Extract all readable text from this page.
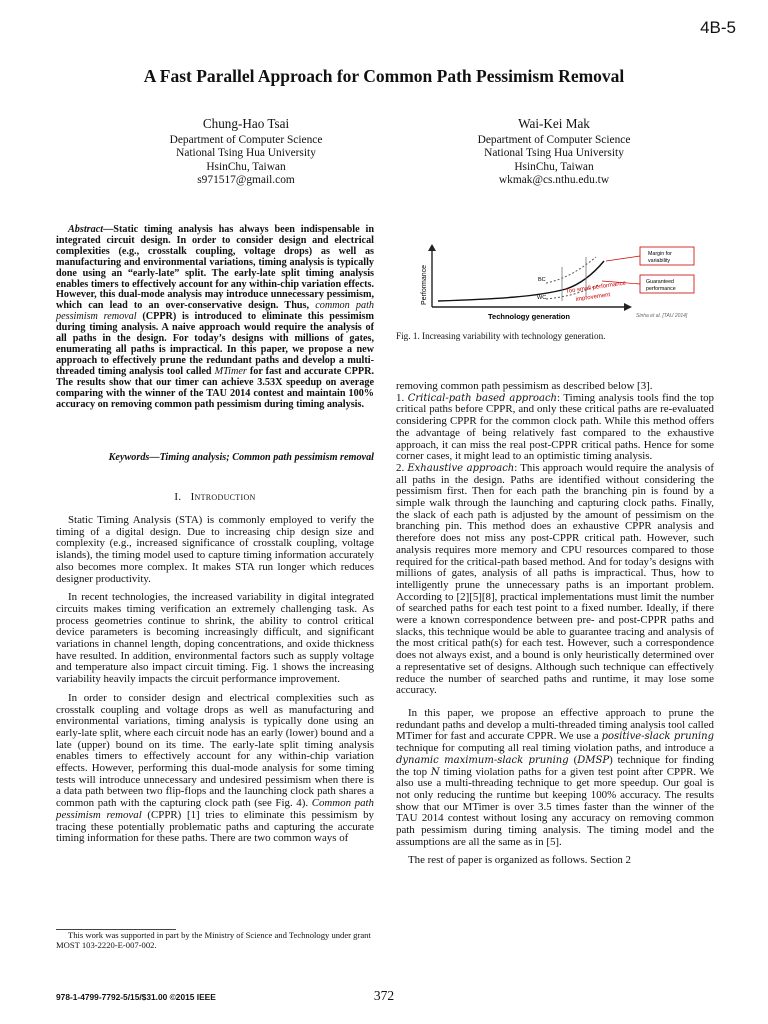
4B-5
A Fast Parallel Approach for Common Path Pessimism Removal
Chung-Hao Tsai
Department of Computer Science
National Tsing Hua University
HsinChu, Taiwan
s971517@gmail.com
Wai-Kei Mak
Department of Computer Science
National Tsing Hua University
HsinChu, Taiwan
wkmak@cs.nthu.edu.tw
Abstract—Static timing analysis has always been indispensable in integrated circuit design. In order to consider design and electrical complexities (e.g., crosstalk coupling, voltage drops) as well as manufacturing and environmental variations, timing analysis is typically done using an “early-late” split. The early-late split timing analysis enables timers to effectively account for any within-chip variation effects. However, this dual-mode analysis may introduce unnecessary pessimism, which can lead to an over-conservative design. Thus, common path pessimism removal (CPPR) is introduced to eliminate this pessimism during timing analysis. A naive approach would require the analysis of all paths in the design. For today’s designs with millions of gates, enumerating all paths is impractical. In this paper, we propose a new approach to effectively prune the redundant paths and develop a multi-threaded timing analysis tool called MTimer for fast and accurate CPPR. The results show that our timer can achieve 3.53X speedup on average comparing with the winner of the TAU 2014 contest and maintain 100% accuracy on removing common path pessimism during timing analysis.
Keywords—Timing analysis; Common path pessimism removal
I. Introduction

Static Timing Analysis (STA) is commonly employed to verify the timing of a digital design. Due to increasing chip design size and complexity (e.g., increased significance of crosstalk coupling, voltage islands), the timing model used to capture timing information accurately also becomes more complex. It makes STA run longer which reduces designer productivity.

In recent technologies, the increased variability in digital integrated circuits makes timing verification an extremely challenging task. As process geometries continue to shrink, the ability to control critical device parameters is becoming increasingly difficult, and significant variations in channel length, doping concentrations, and oxide thickness have resulted. In addition, environmental factors such as supply voltage and temperature also impact circuit timing. Fig. 1 shows the increasing variability heavily impacts the circuit performance improvement.

In order to consider design and electrical complexities such as crosstalk coupling and voltage drops as well as manufacturing and environmental variations, timing analysis is typically done using an early-late split, where each circuit node has an early (lower) bound and a late (upper) bound on its time. The early-late split timing analysis enables timers to effectively account for any within-chip variation effects. However, performing this dual-mode analysis for some timing tests will introduce unnecessary and undesired pessimism when there is a data path between two flip-flops and the launching clock path shares a common path with the capturing clock path (see Fig. 4). Common path pessimism removal (CPPR) [1] tries to eliminate this pessimism by tracing these potentially problematic paths and capturing the accurate timing information for these paths. There are two common ways of

This work was supported in part by the Ministry of Science and Technology under grant MOST 103-2220-E-007-002.

978-1-4799-7792-5/15/$31.00 ©2015 IEEE	372
Performance
Technology generation
BC
WC
Too small performance
improvement
Margin for
variability
Guaranteed
performance
Sinha et al. [TAU 2014]
Fig. 1. Increasing variability with technology generation.

removing common path pessimism as described below [3].

1. Critical-path based approach: Timing analysis tools find the top critical paths before CPPR, and only these critical paths are re-evaluated considering CPPR for the common clock path. While this method offers the advantage of being relatively fast compared to the exhaustive approach, it can miss the real post-CPPR critical paths. Hence for some corner cases, it might lead to an optimistic timing analysis.

2. Exhaustive approach: This approach would require the analysis of all paths in the design. Paths are identified without considering the pessimism first. Then for each path the branching pin is found by a simple walk through the launching and capturing clock paths. Finally, the slack of each path is adjusted by the amount of pessimism on the branching pin. This method does an exhaustive CPPR analysis and therefore does not miss any post-CPPR critical path. However, such analysis requires more memory and CPU resources compared to those required for the critical-path based method. And for today’s designs with millions of gates, analysis of all paths is impractical. Thus, how to intelligently prune the unnecessary paths is an important problem. According to [2][5][8], practical implementations must limit the number of searched paths for each test point to a fixed number. Ideally, if there were a known correspondence between pre- and post-CPPR paths and slacks, this technique would be able to guarantee tracing and analysis of the most critical path(s) for each test. However, such a correspondence does not always exist, and a bound is only heuristically determined over a representative set of designs. Although such technique can effectively reduce the number of searched paths and runtime, it may lose some accuracy.

In this paper, we propose an effective approach to prune the redundant paths and develop a multi-threaded timing analysis tool called MTimer for fast and accurate CPPR. We use a positive-slack pruning technique for computing all real timing violation paths, and introduce a dynamic maximum-slack pruning (DMSP) technique for finding the top N timing violation paths for a given test point after CPPR. We also use a multi-threading technique to get more speedup. Our goal is not only reducing the runtime but keeping 100% accuracy. The results show that our MTimer is over 3.5 times faster than the winner of the TAU 2014 contest without losing any accuracy on removing common path pessimism during timing analysis. The timing model and the assumptions are all the same as in [5].

The rest of paper is organized as follows. Section 2
